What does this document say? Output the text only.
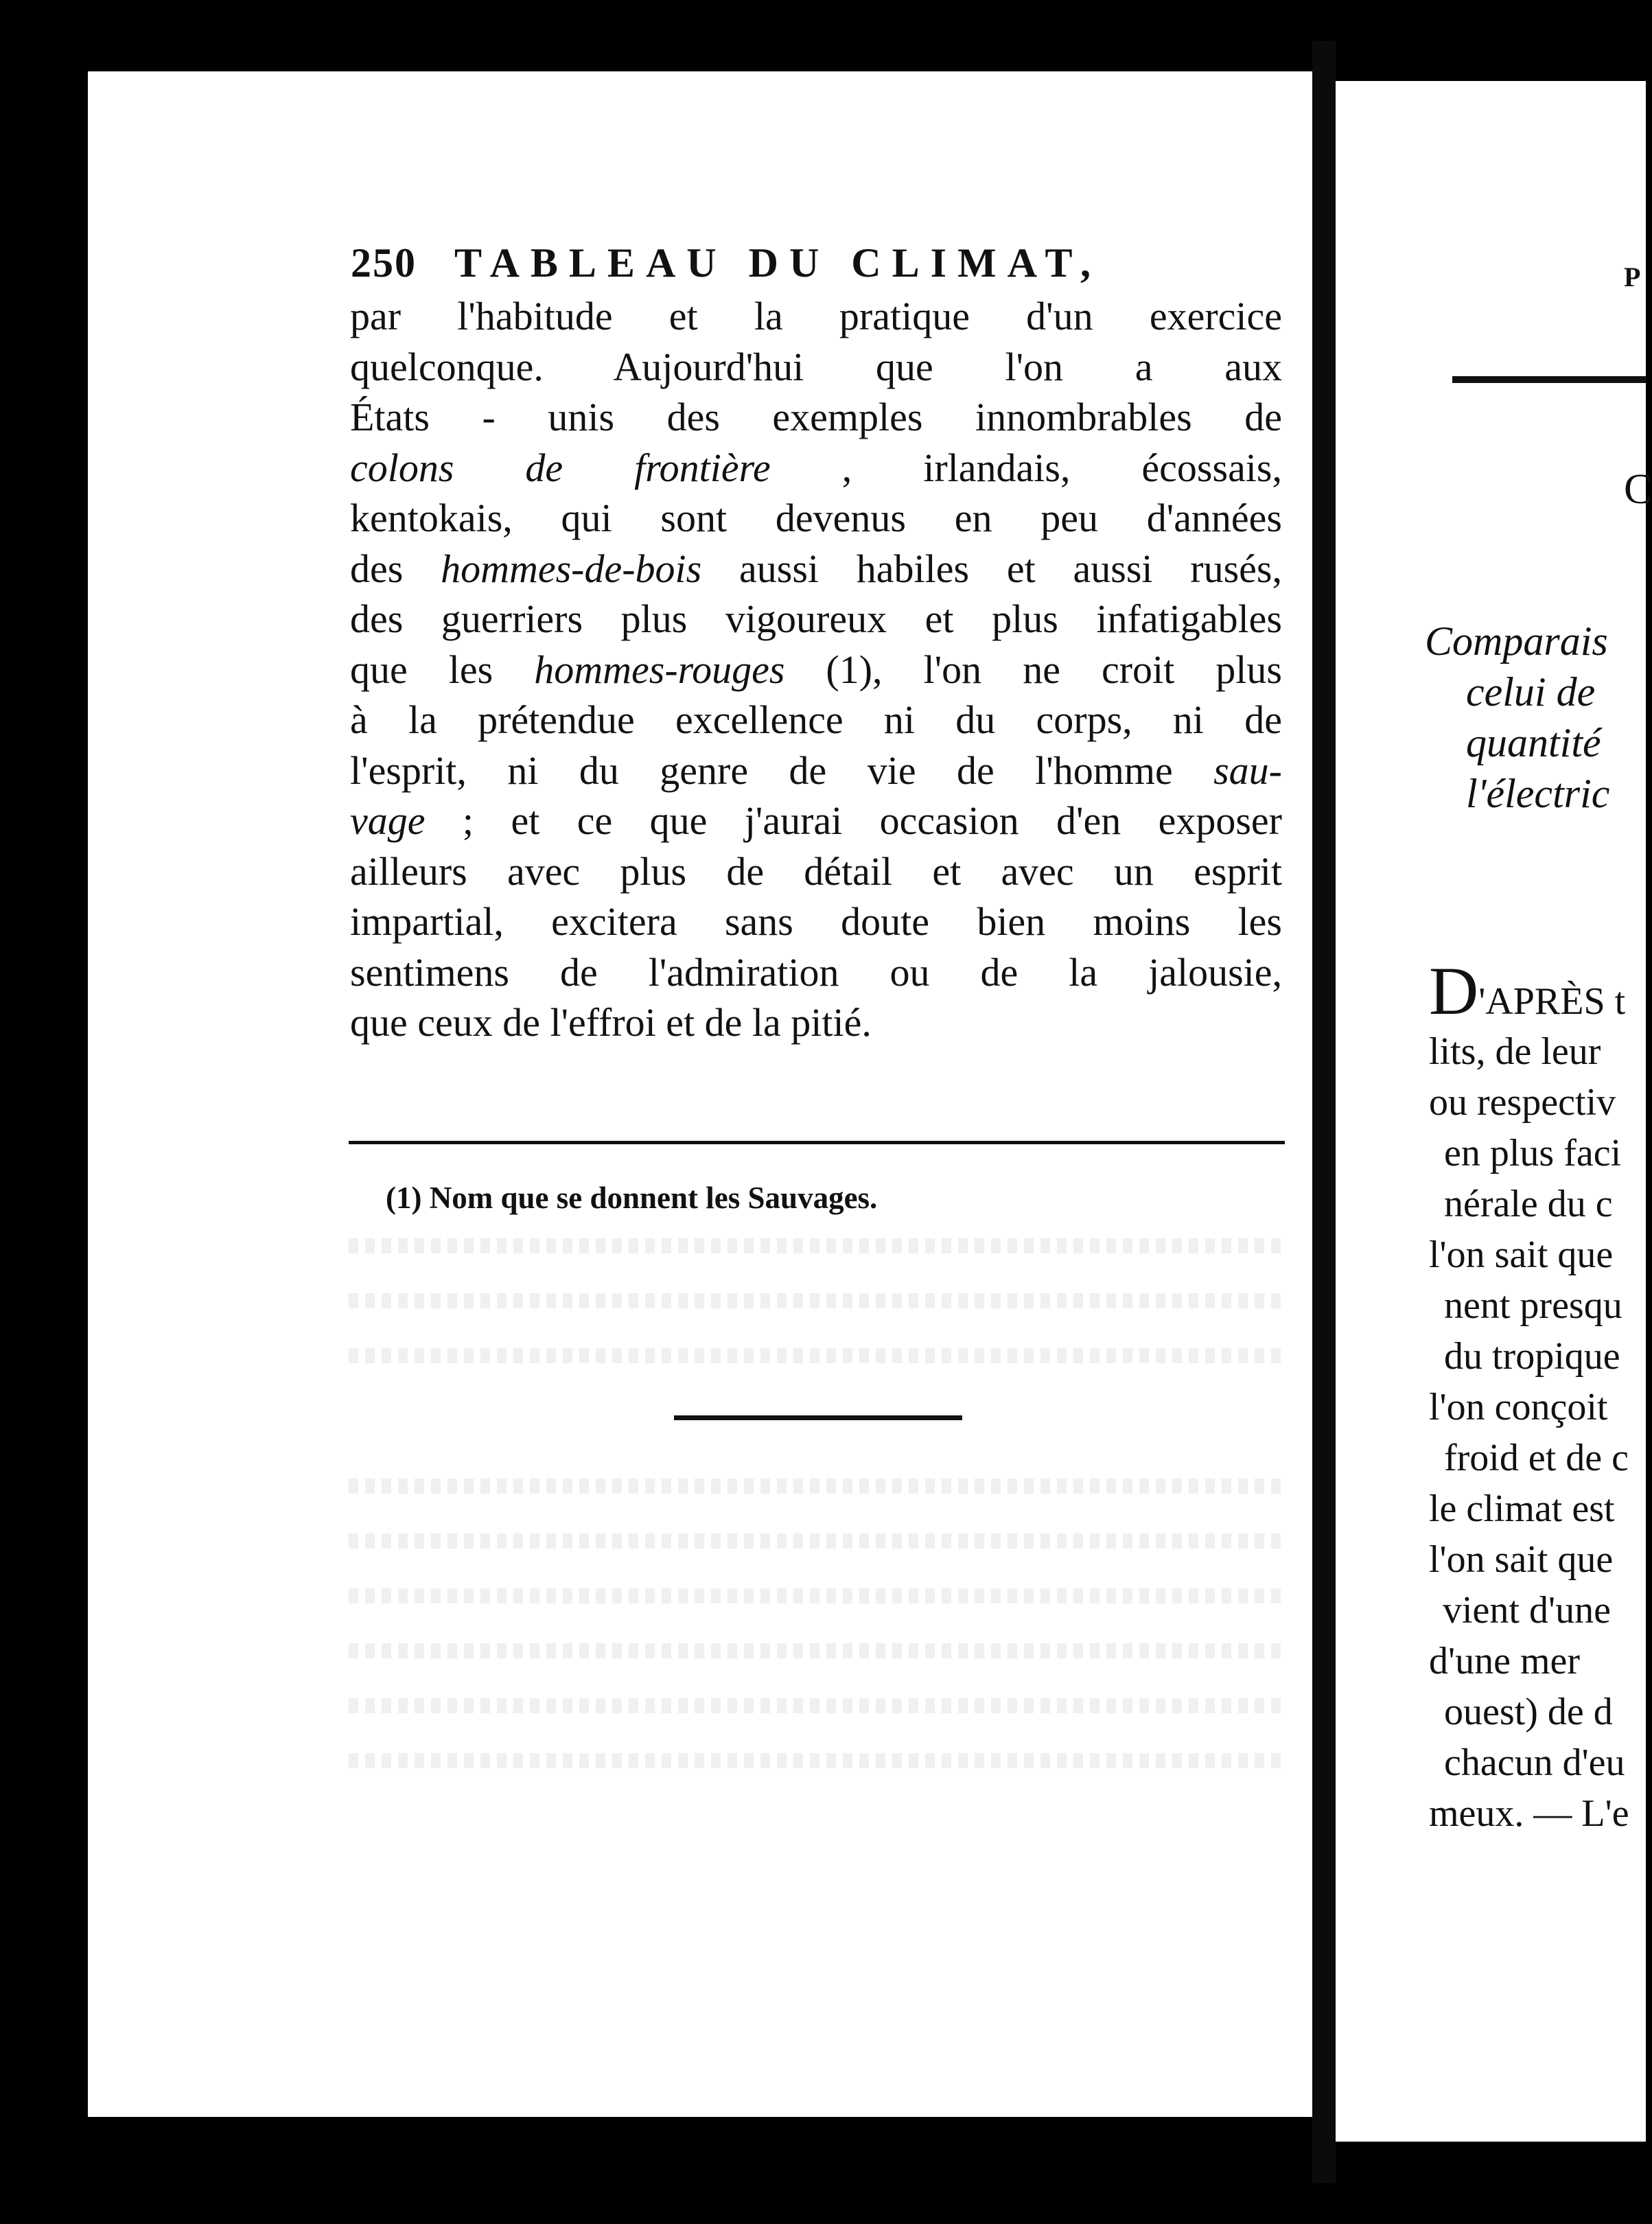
250 TABLEAU DU CLIMAT,
par l'habitude et la pratique d'un exercice
quelconque. Aujourd'hui que l'on a aux
États - unis des exemples innombrables de
colons de frontière , irlandais, écossais,
kentokais, qui sont devenus en peu d'années
des hommes-de-bois aussi habiles et aussi rusés,
des guerriers plus vigoureux et plus infatigables
que les hommes-rouges (1), l'on ne croit plus
à la prétendue excellence ni du corps, ni de
l'esprit, ni du genre de vie de l'homme sau-
vage ; et ce que j'aurai occasion d'en exposer
ailleurs avec plus de détail et avec un esprit
impartial, excitera sans doute bien moins les
sentimens de l'admiration ou de la jalousie,
que ceux de l'effroi et de la pitié.
(1) Nom que se donnent les Sauvages.
P
C
Comparais
celui de
quantité
l'électric
D'APRÈS t
lits, de leur
ou respectiv
en plus faci
nérale du c
l'on sait que
nent presqu
du tropique
l'on conçoit
froid et de c
le climat est
l'on sait que
vient d'une
d'une mer
ouest) de d
chacun d'eu
meux. — L'e
